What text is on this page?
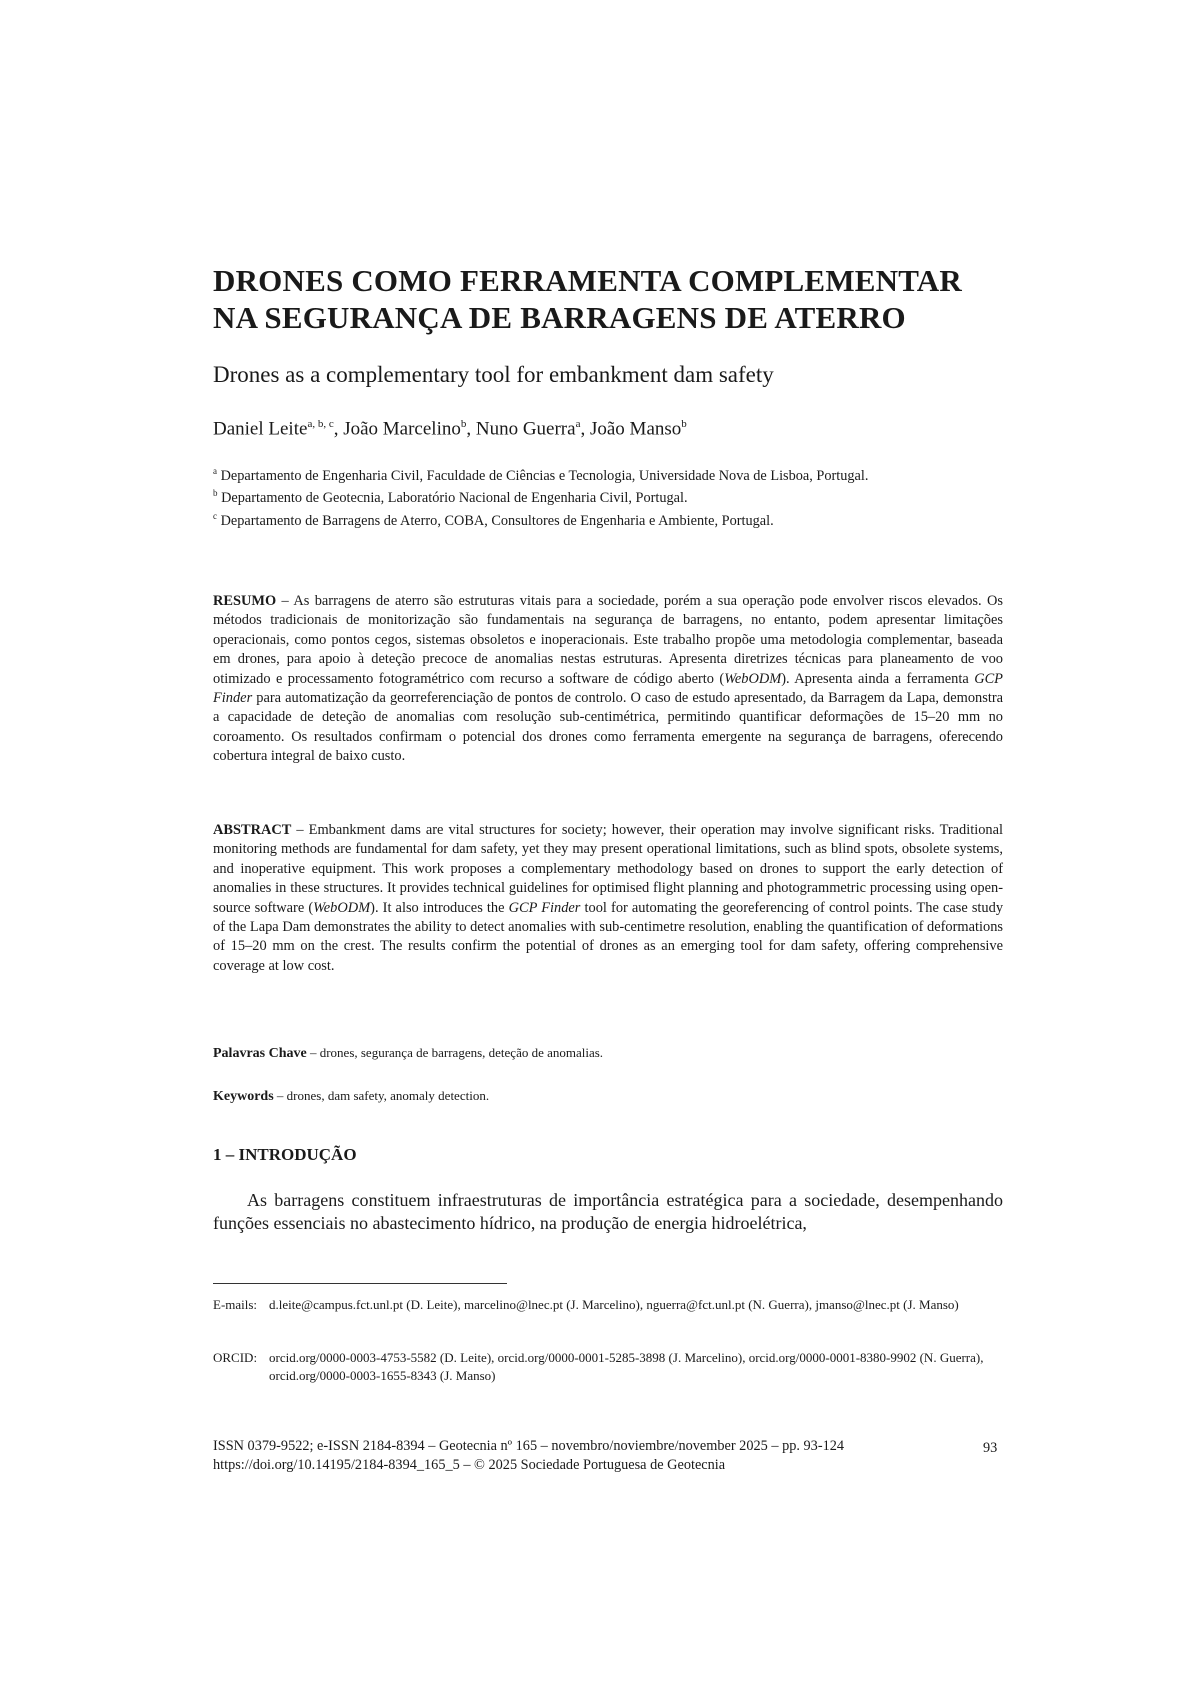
DRONES COMO FERRAMENTA COMPLEMENTAR
NA SEGURANÇA DE BARRAGENS DE ATERRO
Drones as a complementary tool for embankment dam safety
Daniel Leite$^{a, b, c}$, João Marcelino$^b$, Nuno Guerra$^a$, João Manso$^b$

$^a$ Departamento de Engenharia Civil, Faculdade de Ciências e Tecnologia, Universidade Nova de Lisboa, Portugal.

$^b$ Departamento de Geotecnia, Laboratório Nacional de Engenharia Civil, Portugal.

$^c$ Departamento de Barragens de Aterro, COBA, Consultores de Engenharia e Ambiente, Portugal.

RESUMO – As barragens de aterro são estruturas vitais para a sociedade, porém a sua operação pode envolver riscos elevados. Os métodos tradicionais de monitorização são fundamentais na segurança de barragens, no entanto, podem apresentar limitações operacionais, como pontos cegos, sistemas obsoletos e inoperacionais. Este trabalho propõe uma metodologia complementar, baseada em drones, para apoio à deteção precoce de anomalias nestas estruturas. Apresenta diretrizes técnicas para planeamento de voo otimizado e processamento fotogramétrico com recurso a software de código aberto (WebODM). Apresenta ainda a ferramenta GCP Finder para automatização da georreferenciação de pontos de controlo. O caso de estudo apresentado, da Barragem da Lapa, demonstra a capacidade de deteção de anomalias com resolução sub-centimétrica, permitindo quantificar deformações de 15–20 mm no coroamento. Os resultados confirmam o potencial dos drones como ferramenta emergente na segurança de barragens, oferecendo cobertura integral de baixo custo.

ABSTRACT – Embankment dams are vital structures for society; however, their operation may involve significant risks. Traditional monitoring methods are fundamental for dam safety, yet they may present operational limitations, such as blind spots, obsolete systems, and inoperative equipment. This work proposes a complementary methodology based on drones to support the early detection of anomalies in these structures. It provides technical guidelines for optimised flight planning and photogrammetric processing using open-source software (WebODM). It also introduces the GCP Finder tool for automating the georeferencing of control points. The case study of the Lapa Dam demonstrates the ability to detect anomalies with sub-centimetre resolution, enabling the quantification of deformations of 15–20 mm on the crest. The results confirm the potential of drones as an emerging tool for dam safety, offering comprehensive coverage at low cost.

Palavras Chave – drones, segurança de barragens, deteção de anomalias.

Keywords – drones, dam safety, anomaly detection.

1 – INTRODUÇÃO

As barragens constituem infraestruturas de importância estratégica para a sociedade, desempenhando funções essenciais no abastecimento hídrico, na produção de energia hidroelétrica,

E-mails: d.leite@campus.fct.unl.pt (D. Leite), marcelino@lnec.pt (J. Marcelino), nguerra@fct.unl.pt (N. Guerra), jmanso@lnec.pt (J. Manso)
ORCID: orcid.org/0000-0003-4753-5582 (D. Leite), orcid.org/0000-0001-5285-3898 (J. Marcelino), orcid.org/0000-0001-8380-9902 (N. Guerra), orcid.org/0000-0003-1655-8343 (J. Manso)
ISSN 0379-9522; e-ISSN 2184-8394 – Geotecnia nº 165 – novembro/noviembre/november 2025 – pp. 93-124
https://doi.org/10.14195/2184-8394_165_5 – © 2025 Sociedade Portuguesa de Geotecnia
93
